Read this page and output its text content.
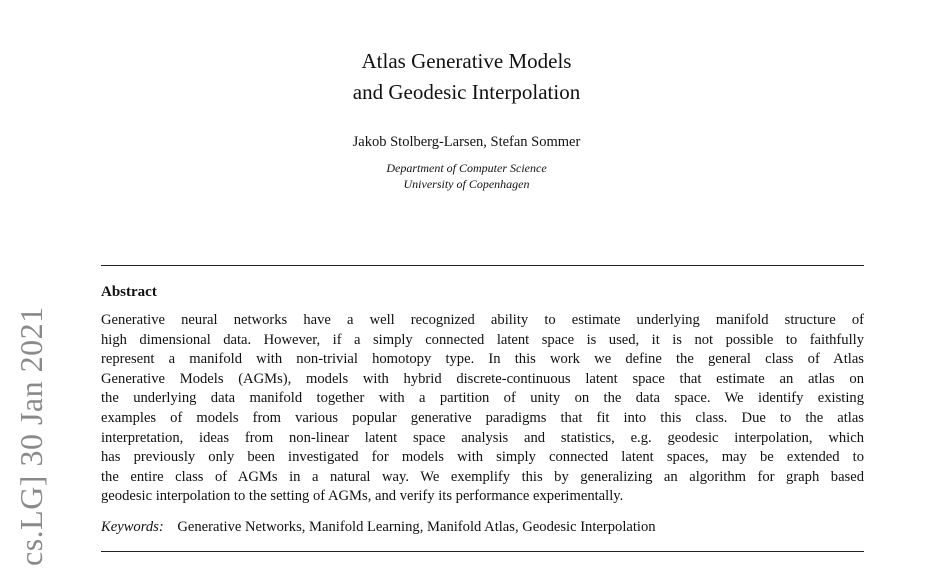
Atlas Generative Models
and Geodesic Interpolation
Jakob Stolberg-Larsen, Stefan Sommer
Department of Computer Science
University of Copenhagen
Abstract
Generative neural networks have a well recognized ability to estimate underlying manifold structure of
high dimensional data. However, if a simply connected latent space is used, it is not possible to faithfully
represent a manifold with non-trivial homotopy type. In this work we define the general class of Atlas
Generative Models (AGMs), models with hybrid discrete-continuous latent space that estimate an atlas on
the underlying data manifold together with a partition of unity on the data space. We identify existing
examples of models from various popular generative paradigms that fit into this class. Due to the atlas
interpretation, ideas from non-linear latent space analysis and statistics, e.g. geodesic interpolation, which
has previously only been investigated for models with simply connected latent spaces, may be extended to
the entire class of AGMs in a natural way. We exemplify this by generalizing an algorithm for graph based
geodesic interpolation to the setting of AGMs, and verify its performance experimentally.
Keywords: Generative Networks, Manifold Learning, Manifold Atlas, Geodesic Interpolation
cs.LG] 30 Jan 2021
